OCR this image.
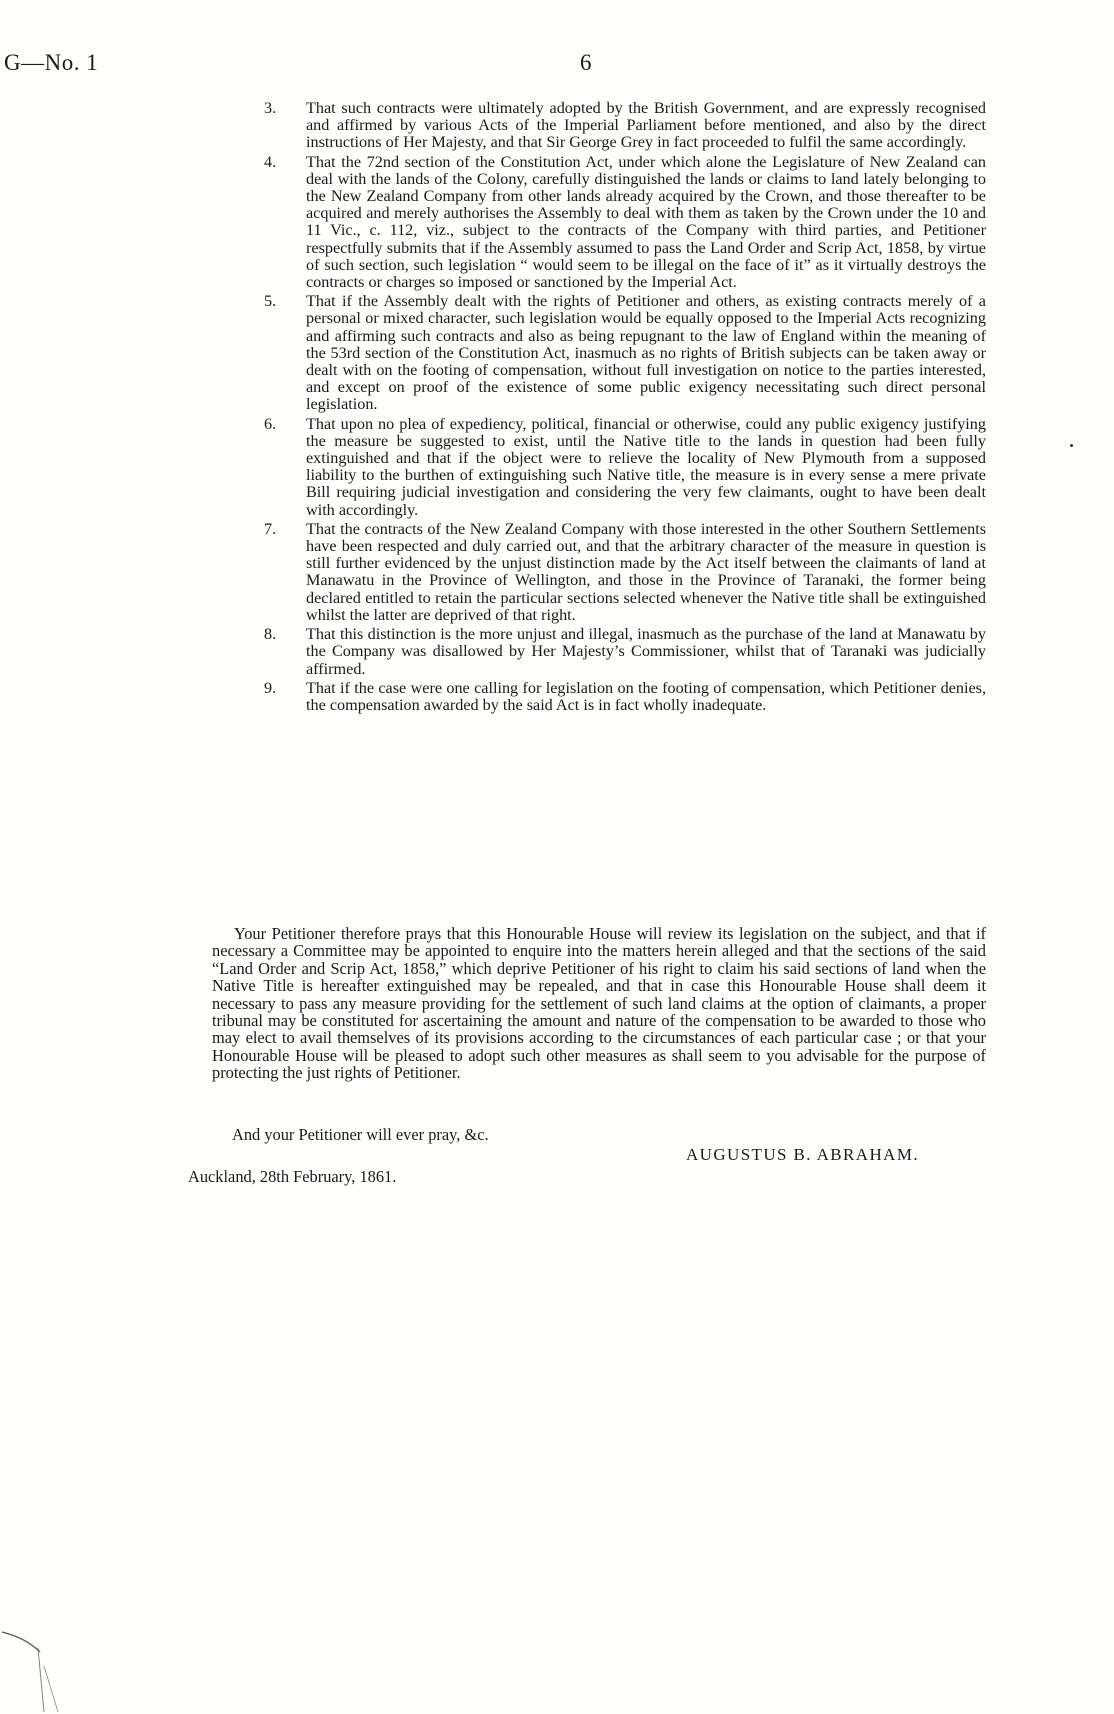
G—No. 1	6
3.	That such contracts were ultimately adopted by the British Government, and are expressly recognised and affirmed by various Acts of the Imperial Parliament before mentioned, and also by the direct instructions of Her Majesty, and that Sir George Grey in fact proceeded to fulfil the same accordingly.
4.	That the 72nd section of the Constitution Act, under which alone the Legislature of New Zealand can deal with the lands of the Colony, carefully distinguished the lands or claims to land lately belonging to the New Zealand Company from other lands already acquired by the Crown, and those thereafter to be acquired and merely authorises the Assembly to deal with them as taken by the Crown under the 10 and 11 Vic., c. 112, viz., subject to the contracts of the Company with third parties, and Petitioner respectfully submits that if the Assembly assumed to pass the Land Order and Scrip Act, 1858, by virtue of such section, such legislation “ would seem to be illegal on the face of it” as it virtually destroys the contracts or charges so imposed or sanctioned by the Imperial Act.
5.	That if the Assembly dealt with the rights of Petitioner and others, as existing contracts merely of a personal or mixed character, such legislation would be equally opposed to the Imperial Acts recognizing and affirming such contracts and also as being repugnant to the law of England within the meaning of the 53rd section of the Constitution Act, inasmuch as no rights of British subjects can be taken away or dealt with on the footing of compensation, without full investigation on notice to the parties interested, and except on proof of the existence of some public exigency necessitating such direct personal legislation.
6.	That upon no plea of expediency, political, financial or otherwise, could any public exigency justifying the measure be suggested to exist, until the Native title to the lands in question had been fully extinguished and that if the object were to relieve the locality of New Plymouth from a supposed liability to the burthen of extinguishing such Native title, the measure is in every sense a mere private Bill requiring judicial investigation and considering the very few claimants, ought to have been dealt with accordingly.
7.	That the contracts of the New Zealand Company with those interested in the other Southern Settlements have been respected and duly carried out, and that the arbitrary character of the measure in question is still further evidenced by the unjust distinction made by the Act itself between the claimants of land at Manawatu in the Province of Wellington, and those in the Province of Taranaki, the former being declared entitled to retain the particular sections selected whenever the Native title shall be extinguished whilst the latter are deprived of that right.
8.	That this distinction is the more unjust and illegal, inasmuch as the purchase of the land at Manawatu by the Company was disallowed by Her Majesty’s Commissioner, whilst that of Taranaki was judicially affirmed.
9.	That if the case were one calling for legislation on the footing of compensation, which Petitioner denies, the compensation awarded by the said Act is in fact wholly inadequate.

Your Petitioner therefore prays that this Honourable House will review its legislation on the subject, and that if necessary a Committee may be appointed to enquire into the matters herein alleged and that the sections of the said “Land Order and Scrip Act, 1858,” which deprive Petitioner of his right to claim his said sections of land when the Native Title is hereafter extinguished may be repealed, and that in case this Honourable House shall deem it necessary to pass any measure providing for the settlement of such land claims at the option of claimants, a proper tribunal may be constituted for ascertaining the amount and nature of the compensation to be awarded to those who may elect to avail themselves of its provisions according to the circumstances of each particular case ; or that your Honourable House will be pleased to adopt such other measures as shall seem to you advisable for the purpose of protecting the just rights of Petitioner.

And your Petitioner will ever pray, &c.
AUGUSTUS B. ABRAHAM.
Auckland, 28th February, 1861.
